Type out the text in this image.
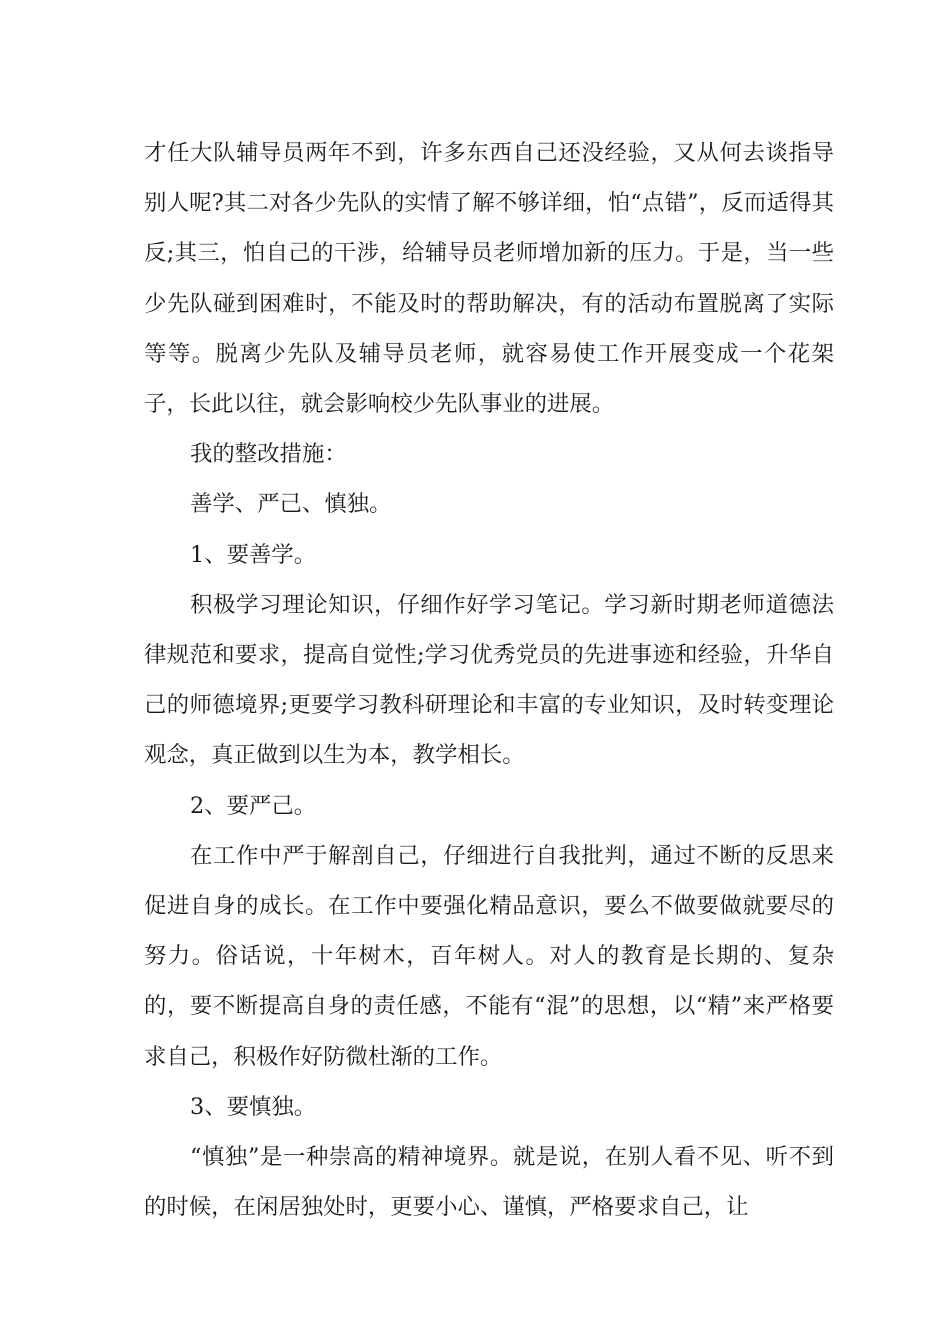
才任大队辅导员两年不到，许多东西自己还没经验，又从何去谈指导别人呢?其二对各少先队的实情了解不够详细，怕“点错”，反而适得其反;其三，怕自己的干涉，给辅导员老师增加新的压力。于是，当一些少先队碰到困难时，不能及时的帮助解决，有的活动布置脱离了实际等等。脱离少先队及辅导员老师，就容易使工作开展变成一个花架子，长此以往，就会影响校少先队事业的进展。

我的整改措施：

善学、严己、慎独。

1、要善学。

积极学习理论知识，仔细作好学习笔记。学习新时期老师道德法律规范和要求，提高自觉性;学习优秀党员的先进事迹和经验，升华自己的师德境界;更要学习教科研理论和丰富的专业知识，及时转变理论观念，真正做到以生为本，教学相长。

2、要严己。

在工作中严于解剖自己，仔细进行自我批判，通过不断的反思来促进自身的成长。在工作中要强化精品意识，要么不做要做就要尽的努力。俗话说，十年树木，百年树人。对人的教育是长期的、复杂的，要不断提高自身的责任感，不能有“混”的思想，以“精”来严格要求自己，积极作好防微杜渐的工作。

3、要慎独。

“慎独”是一种崇高的精神境界。就是说，在别人看不见、听不到的时候，在闲居独处时，更要小心、谨慎，严格要求自己，让
